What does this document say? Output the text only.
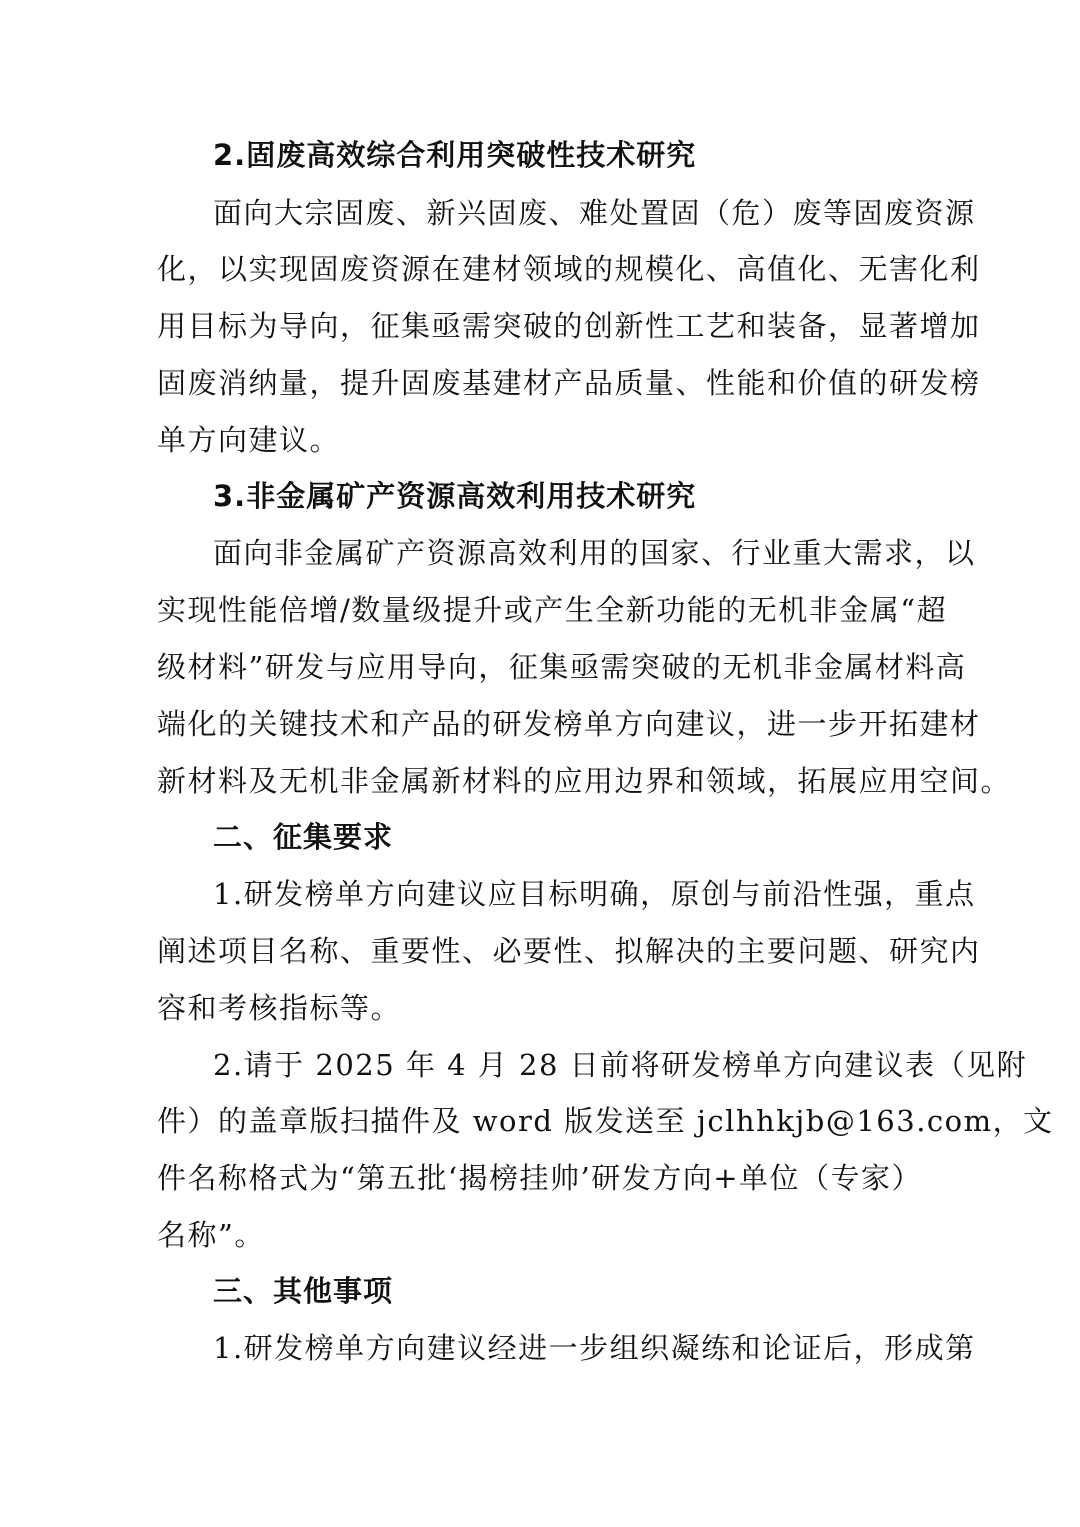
2.固废高效综合利用突破性技术研究
面向大宗固废、新兴固废、难处置固（危）废等固废资源
化，以实现固废资源在建材领域的规模化、高值化、无害化利
用目标为导向，征集亟需突破的创新性工艺和装备，显著增加
固废消纳量，提升固废基建材产品质量、性能和价值的研发榜
单方向建议。
3.非金属矿产资源高效利用技术研究
面向非金属矿产资源高效利用的国家、行业重大需求，以
实现性能倍增/数量级提升或产生全新功能的无机非金属“超
级材料”研发与应用导向，征集亟需突破的无机非金属材料高
端化的关键技术和产品的研发榜单方向建议，进一步开拓建材
新材料及无机非金属新材料的应用边界和领域，拓展应用空间。
二、征集要求
1.研发榜单方向建议应目标明确，原创与前沿性强，重点
阐述项目名称、重要性、必要性、拟解决的主要问题、研究内
容和考核指标等。
2.请于 2025 年 4 月 28 日前将研发榜单方向建议表（见附
件）的盖章版扫描件及 word 版发送至 jclhhkjb@163.com，文
件名称格式为“第五批‘揭榜挂帅’研发方向+单位（专家）
名称”。
三、其他事项
1.研发榜单方向建议经进一步组织凝练和论证后，形成第
